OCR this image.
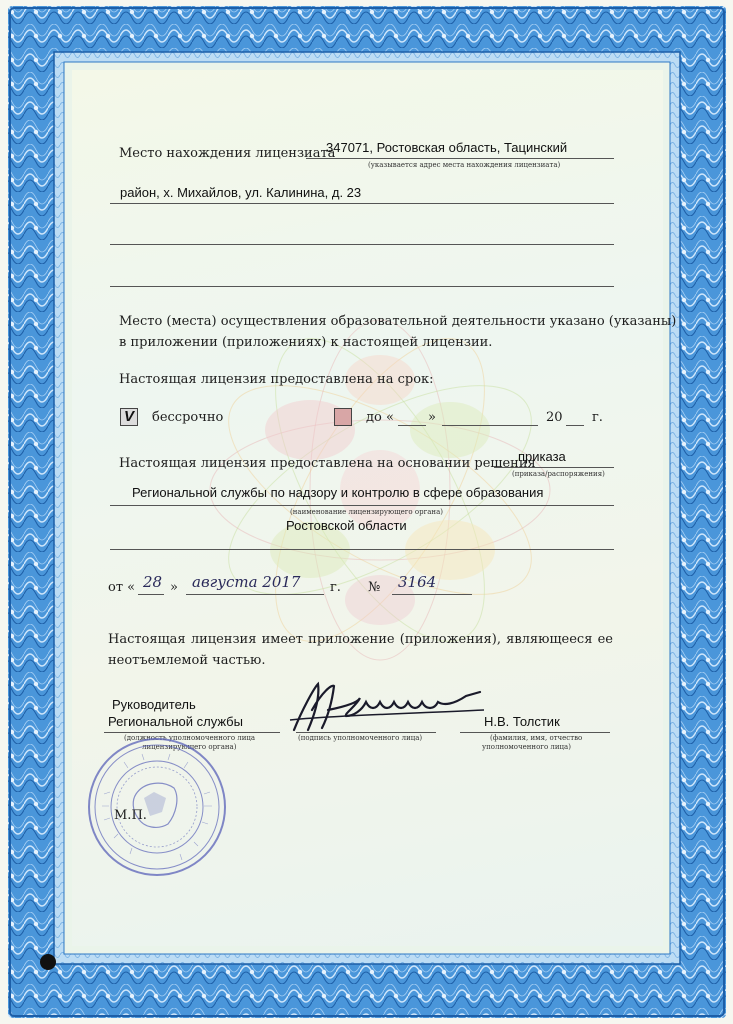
Место нахождения лицензиата
347071, Ростовская область, Тацинский
(указывается адрес места нахождения лицензиата)
район, х. Михайлов, ул. Калинина, д. 23
Место (места) осуществления образовательной деятельности указано (указаны)
в приложении (приложениях) к настоящей лицензии.
Настоящая лицензия предоставлена на срок:
V бессрочно	до «	»	20 г.
Настоящая лицензия предоставлена на основании решения
приказа
(приказа/распоряжения)
Региональной службы по надзору и контролю в сфере образования
(наименование лицензирующего органа)
Ростовской области
от « 28 » августа 2017 г. № 3164
Настоящая лицензия имеет приложение (приложения), являющееся ее
неотъемлемой частью.
Руководитель
Региональной службы
(должность уполномоченного лица
лицензирующего органа)
(подпись уполномоченного лица)
Н.В. Толстик
(фамилия, имя, отчество
уполномоченного лица)
М.П.
